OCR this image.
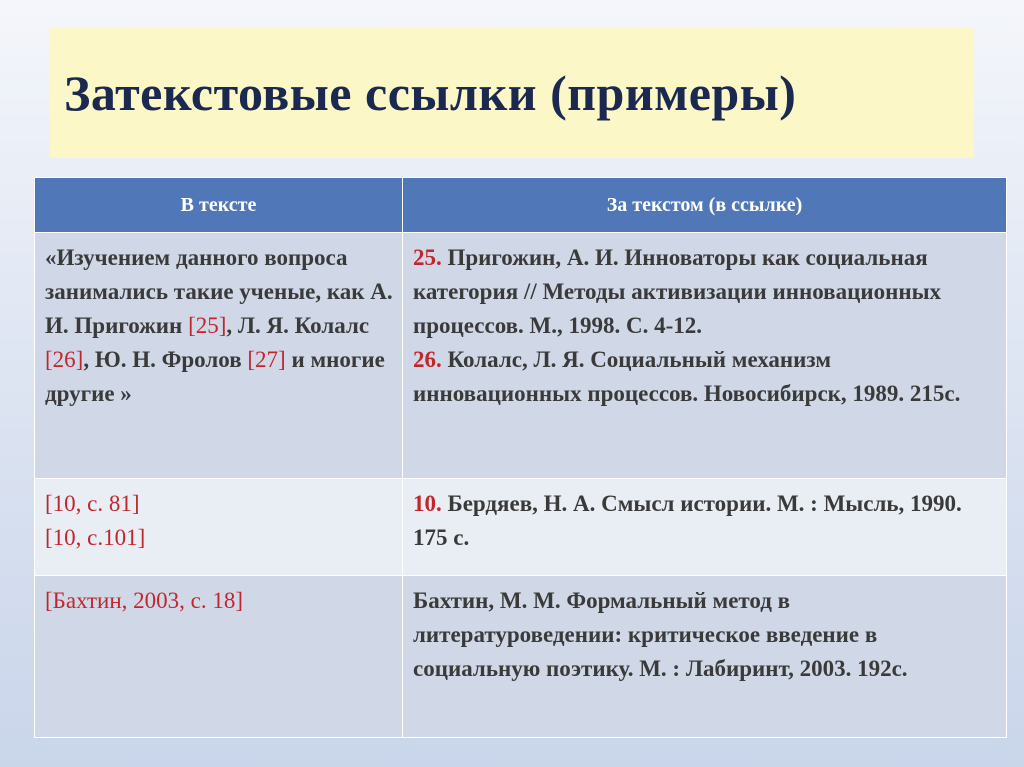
Затекстовые ссылки (примеры)
В тексте	За текстом (в ссылке)
«Изучением данного вопроса занимались такие ученые, как А. И. Пригожин [25], Л. Я. Колалс [26], Ю. Н. Фролов [27] и многие другие »	25. Пригожин, А. И. Инноваторы как социальная категория // Методы активизации инновационных процессов. М., 1998. С. 4-12.
26. Колалс, Л. Я. Социальный механизм инновационных процессов. Новосибирск, 1989. 215с.
[10, с. 81]
[10, с.101]	10. Бердяев, Н. А. Смысл истории. М. : Мысль, 1990. 175 с.
[Бахтин, 2003, с. 18]	Бахтин, М. М. Формальный метод в литературоведении: критическое введение в социальную поэтику. М. : Лабиринт, 2003. 192с.
